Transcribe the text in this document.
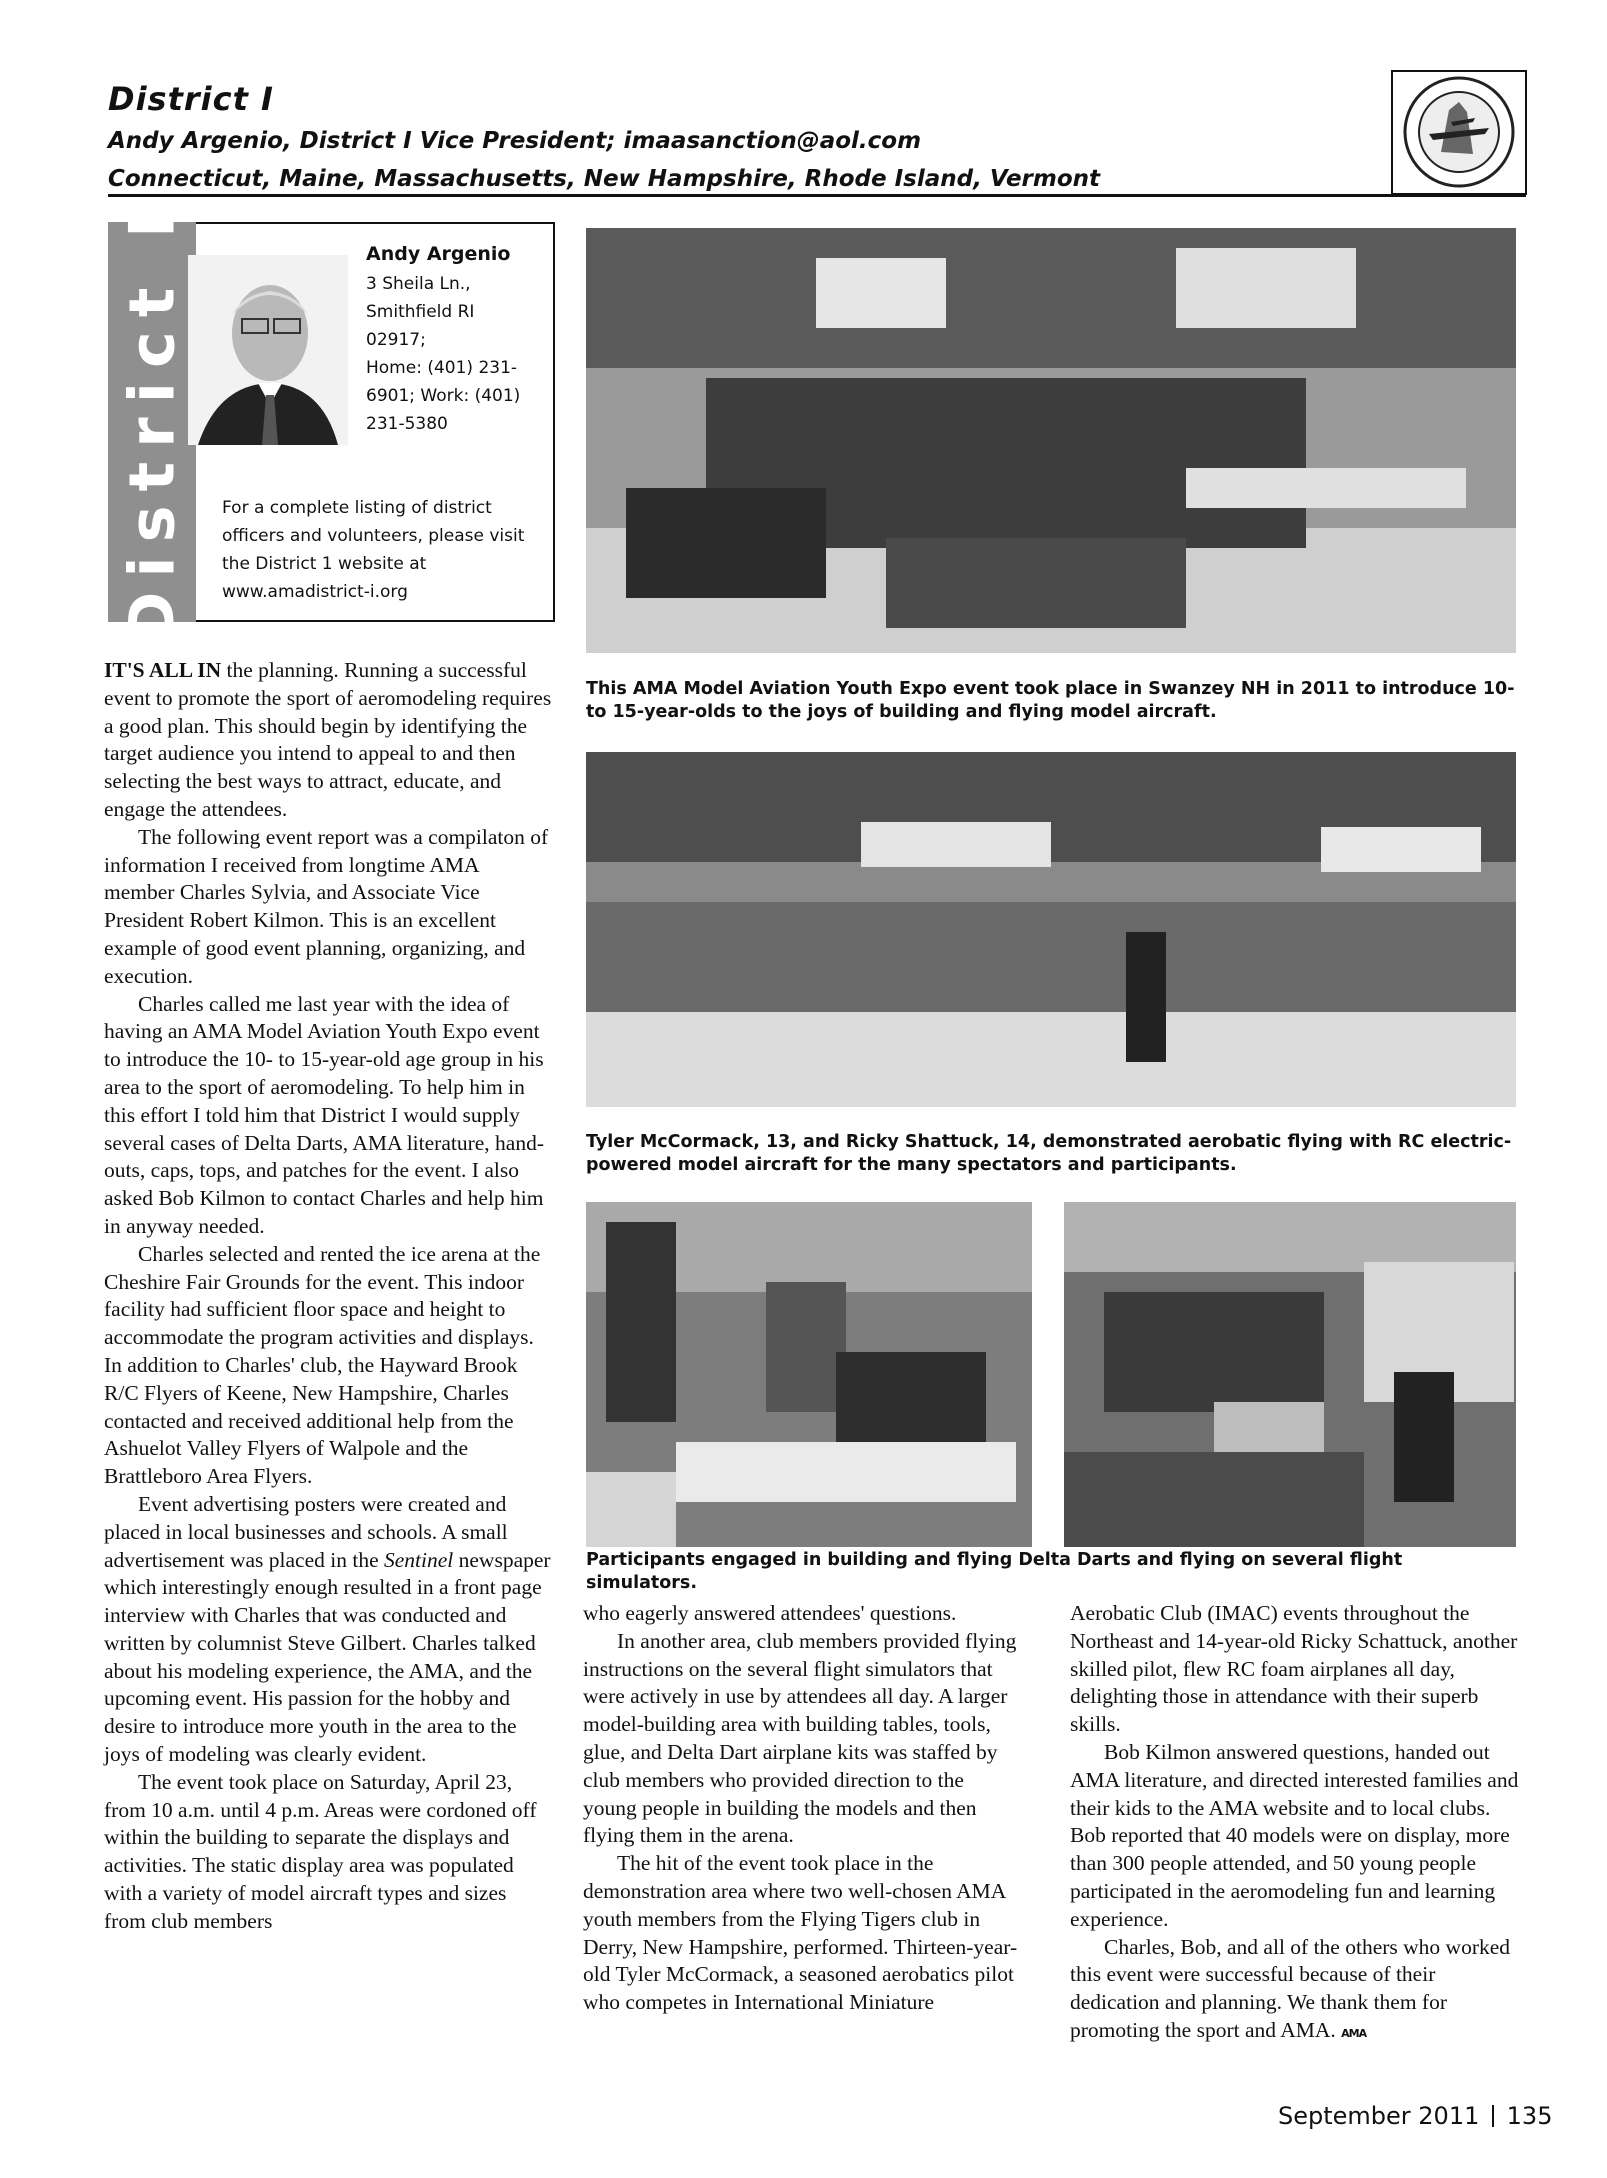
District I
Andy Argenio, District I Vice President; imaasanction@aol.com
Connecticut, Maine, Massachusetts, New Hampshire, Rhode Island, Vermont
District I	Andy Argenio
3 Sheila Ln.,
Smithfield RI
02917;
Home: (401) 231-
6901; Work: (401)
231-5380
For a complete listing of district
officers and volunteers, please visit
the District 1 website at
www.amadistrict-i.org
This AMA Model Aviation Youth Expo event took place in Swanzey NH in 2011 to introduce 10- to 15-year-olds to the joys of building and flying model aircraft.
Tyler McCormack, 13, and Ricky Shattuck, 14, demonstrated aerobatic flying with RC electric-powered model aircraft for the many spectators and participants.
Participants engaged in building and flying Delta Darts and flying on several flight simulators.

IT'S ALL IN the planning. Running a successful event to promote the sport of aeromodeling requires a good plan. This should begin by identifying the target audience you intend to appeal to and then selecting the best ways to attract, educate, and engage the attendees.

The following event report was a compilaton of information I received from longtime AMA member Charles Sylvia, and Associate Vice President Robert Kilmon. This is an excellent example of good event planning, organizing, and execution.

Charles called me last year with the idea of having an AMA Model Aviation Youth Expo event to introduce the 10- to 15-year-old age group in his area to the sport of aeromodeling. To help him in this effort I told him that District I would supply several cases of Delta Darts, AMA literature, hand-outs, caps, tops, and patches for the event. I also asked Bob Kilmon to contact Charles and help him in anyway needed.

Charles selected and rented the ice arena at the Cheshire Fair Grounds for the event. This indoor facility had sufficient floor space and height to accommodate the program activities and displays. In addition to Charles' club, the Hayward Brook R/C Flyers of Keene, New Hampshire, Charles contacted and received additional help from the Ashuelot Valley Flyers of Walpole and the Brattleboro Area Flyers.

Event advertising posters were created and placed in local businesses and schools. A small advertisement was placed in the Sentinel newspaper which interestingly enough resulted in a front page interview with Charles that was conducted and written by columnist Steve Gilbert. Charles talked about his modeling experience, the AMA, and the upcoming event. His passion for the hobby and desire to introduce more youth in the area to the joys of modeling was clearly evident.

The event took place on Saturday, April 23, from 10 a.m. until 4 p.m. Areas were cordoned off within the building to separate the displays and activities. The static display area was populated with a variety of model aircraft types and sizes from club members

who eagerly answered attendees' questions.

In another area, club members provided flying instructions on the several flight simulators that were actively in use by attendees all day. A larger model-building area with building tables, tools, glue, and Delta Dart airplane kits was staffed by club members who provided direction to the young people in building the models and then flying them in the arena.

The hit of the event took place in the demonstration area where two well-chosen AMA youth members from the Flying Tigers club in Derry, New Hampshire, performed. Thirteen-year-old Tyler McCormack, a seasoned aerobatics pilot who competes in International Miniature

Aerobatic Club (IMAC) events throughout the Northeast and 14-year-old Ricky Schattuck, another skilled pilot, flew RC foam airplanes all day, delighting those in attendance with their superb skills.

Bob Kilmon answered questions, handed out AMA literature, and directed interested families and their kids to the AMA website and to local clubs. Bob reported that 40 models were on display, more than 300 people attended, and 50 young people participated in the aeromodeling fun and learning experience.

Charles, Bob, and all of the others who worked this event were successful because of their dedication and planning. We thank them for promoting the sport and AMA. AMA

September 2011 135
